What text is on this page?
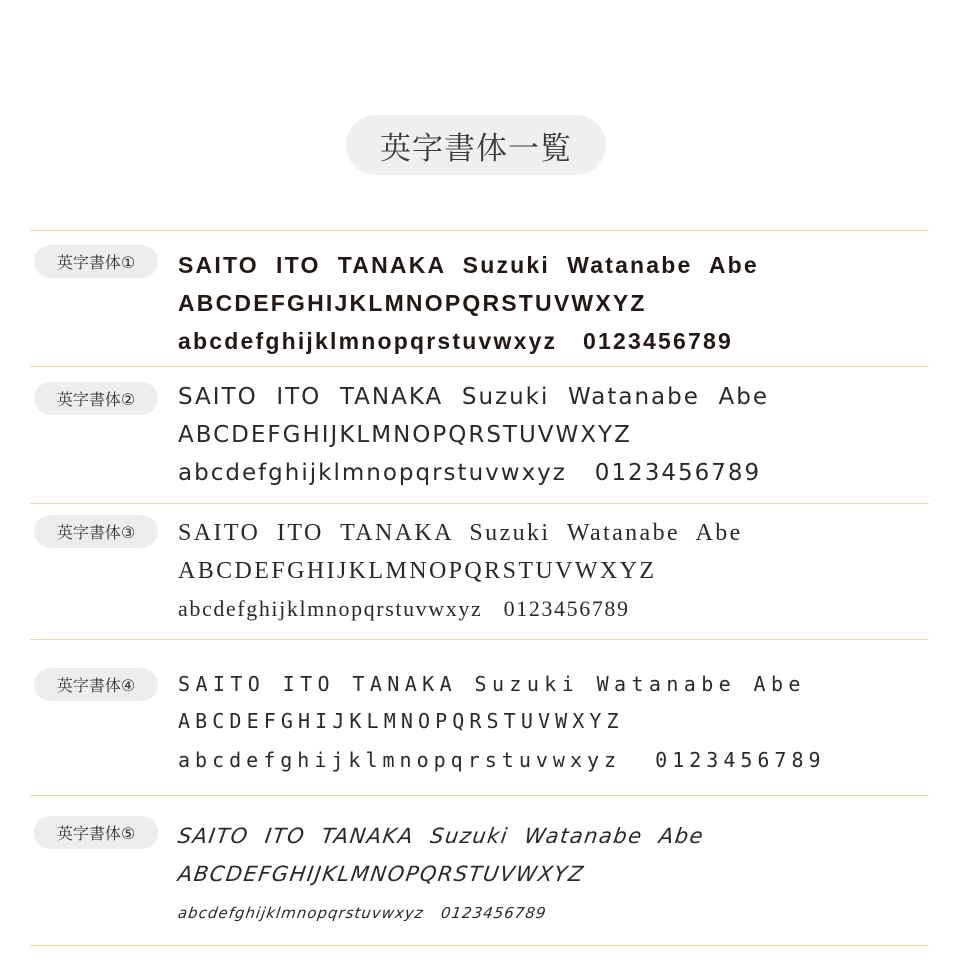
英字書体一覧
英字書体①	SAITO  ITO  TANAKA  Suzuki  Watanabe  Abe
ABCDEFGHIJKLMNOPQRSTUVWXYZ
abcdefghijklmnopqrstuvwxyz   0123456789
英字書体②	SAITO  ITO  TANAKA  Suzuki  Watanabe  Abe
ABCDEFGHIJKLMNOPQRSTUVWXYZ
abcdefghijklmnopqrstuvwxyz   0123456789
英字書体③	SAITO  ITO  TANAKA  Suzuki  Watanabe  Abe
ABCDEFGHIJKLMNOPQRSTUVWXYZ
abcdefghijklmnopqrstuvwxyz   0123456789
英字書体④	SAITO ITO TANAKA Suzuki Watanabe Abe
ABCDEFGHIJKLMNOPQRSTUVWXYZ
abcdefghijklmnopqrstuvwxyz  0123456789
英字書体⑤	SAITO  ITO  TANAKA  Suzuki  Watanabe  Abe
ABCDEFGHIJKLMNOPQRSTUVWXYZ
abcdefghijklmnopqrstuvwxyz   0123456789
